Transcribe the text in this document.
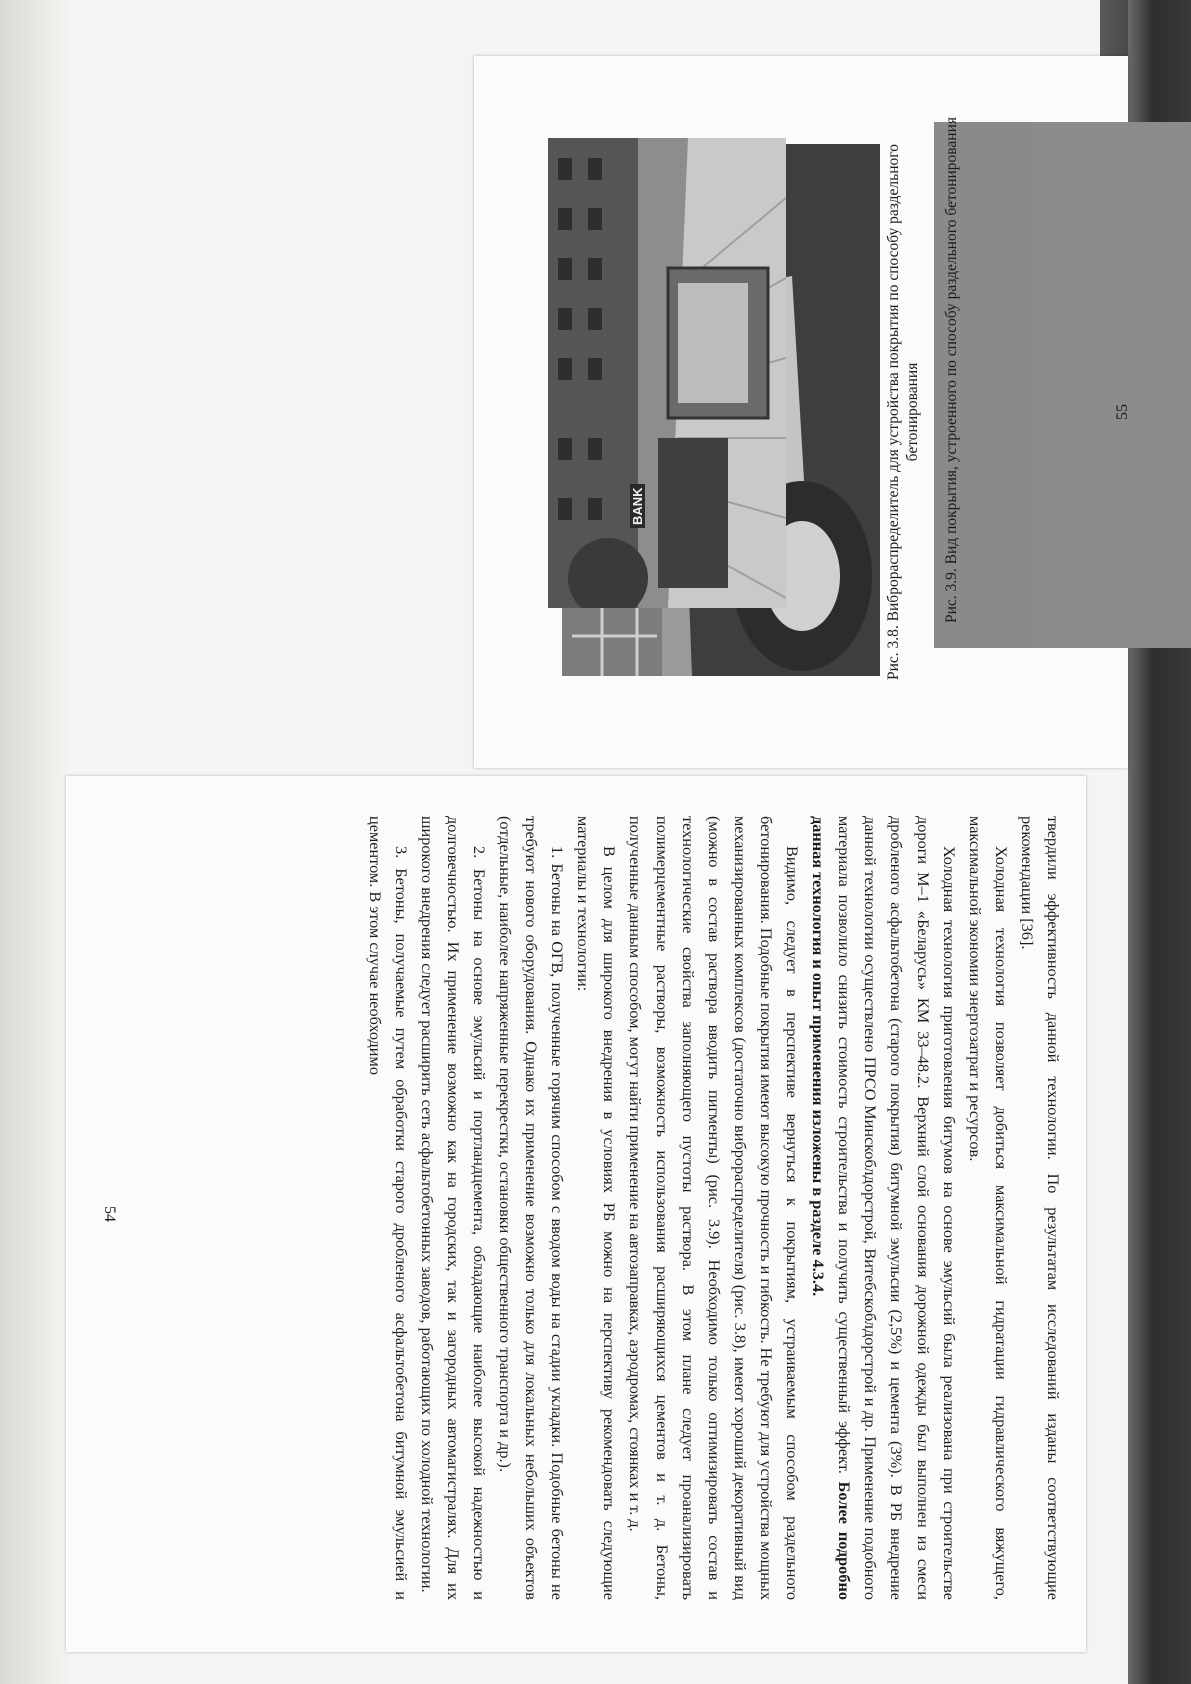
Рис. 3.8. Виброраспределитель для устройства покрытия по способу раздельного бетонирования	55
BANK

твердили эффективность данной технологии. По результатам исследований изданы соответствующие рекомендации [36].

Холодная технология позволяет добиться максимальной гидратации гидравлического вяжущего, максимальной экономии энергозатрат и ресурсов.

Холодная технология приготовления битумов на основе эмульсий была реализована при строительстве дороги М–1 «Беларусь» КМ 33–48.2. Верхний слой основания дорожной одежды был выполнен из смеси дробленого асфальтобетона (старого покрытия) битумной эмульсии (2,5%) и цемента (3%). В РБ внедрение данной технологии осуществлено ПРСО Минскоблдорстрой, Витебскоблдорстрой и др. Применение подобного материала позволило снизить стоимость строительства и получить существенный эффект. Более подробно данная технология и опыт применения изложены в разделе 4.3.4.

Видимо, следует в перспективе вернуться к покрытиям, устраиваемым способом раздельного бетонирования. Подобные покрытия имеют высокую прочность и гибкость. Не требуют для устройства мощных механизированных комплексов (достаточно виброраспределителя) (рис. 3.8), имеют хороший декоративный вид (можно в состав раствора вводить пигменты) (рис. 3.9). Необходимо только оптимизировать состав и технологические свойства заполняющего пустоты раствора. В этом плане следует проанализировать полимерцементные растворы, возможность использования расширяющихся цементов и т. д. Бетоны, полученные данным способом, могут найти применение на автозаправках, аэродромах, стоянках и т. д.

В целом для широкого внедрения в условиях РБ можно на перспективу рекомендовать следующие материалы и технологии:

1. Бетоны на ОГВ, полученные горячим способом с вводом воды на стадии укладки. Подобные бетоны не требуют нового оборудования. Однако их применение возможно только для локальных небольших объектов (отдельные, наиболее напряженные перекрестки, остановки общественного транспорта и др.).

2. Бетоны на основе эмульсий и портландцемента, обладающие наиболее высокой надежностью и долговечностью. Их применение возможно как на городских, так и загородных автомагистралях. Для их широкого внедрения следует расширить сеть асфальтобетонных заводов, работающих по холодной технологии.

3. Бетоны, получаемые путем обработки старого дробленого асфальтобетона битумной эмульсией и цементом. В этом случае необходимо

54
Рис. 3.9. Вид покрытия, устроенного по способу раздельного бетонирования
